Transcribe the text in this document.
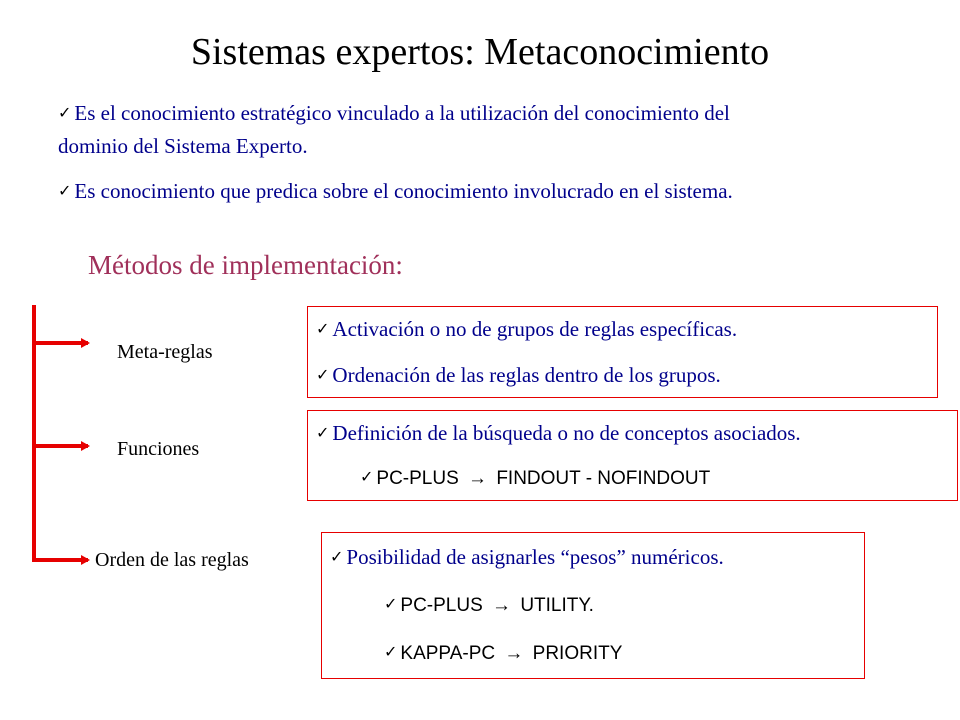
Sistemas expertos: Metaconocimiento
✓ Es el conocimiento estratégico vinculado a la utilización del conocimiento del
dominio del Sistema Experto.
✓ Es conocimiento que predica sobre el conocimiento involucrado en el sistema.
Métodos de implementación:
Meta-reglas
Funciones
Orden de las reglas
✓ Activación o no de grupos de reglas específicas.
✓ Ordenación de las reglas dentro de los grupos.
✓ Definición de la búsqueda o no de conceptos asociados.
✓ PC-PLUS → FINDOUT - NOFINDOUT
✓ Posibilidad de asignarles “pesos” numéricos.
✓ PC-PLUS → UTILITY.
✓ KAPPA-PC → PRIORITY
